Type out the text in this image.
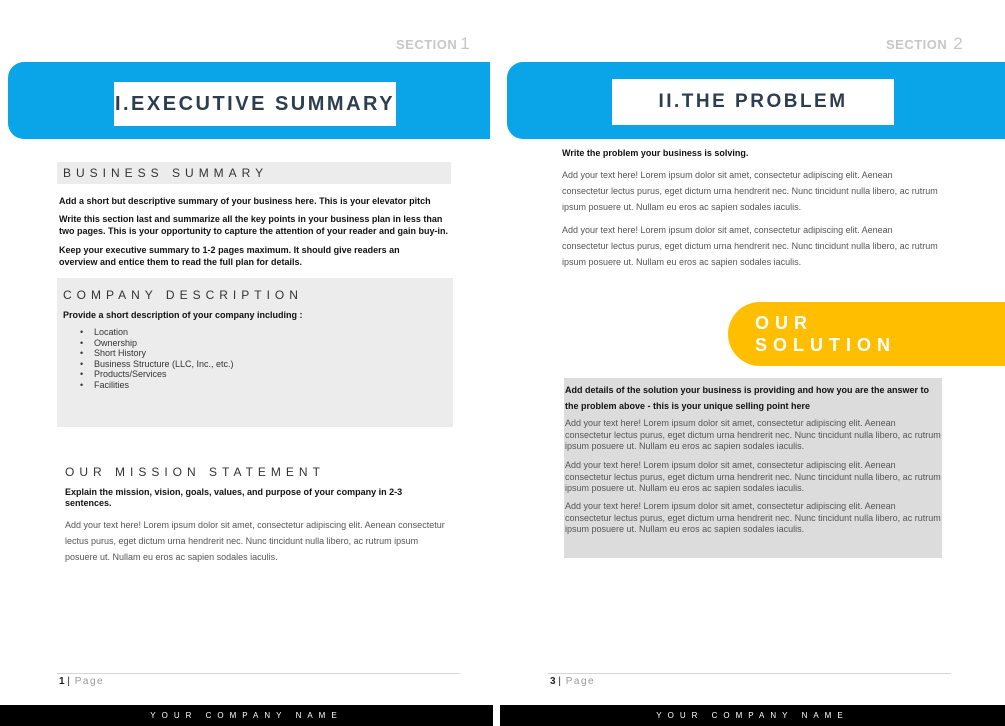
SECTION 1
I.EXECUTIVE SUMMARY
BUSINESS SUMMARY
Add a short but descriptive summary of your business here. This is your elevator pitch
Write this section last and summarize all the key points in your business plan in less than two pages. This is your opportunity to capture the attention of your reader and gain buy-in.
Keep your executive summary to 1-2 pages maximum. It should give readers an overview and entice them to read the full plan for details.
COMPANY DESCRIPTION
Provide a short description of your company including :
• Location
• Ownership
• Short History
• Business Structure (LLC, Inc., etc.)
• Products/Services
• Facilities
OUR MISSION STATEMENT
Explain the mission, vision, goals, values, and purpose of your company in 2-3 sentences.
Add your text here! Lorem ipsum dolor sit amet, consectetur adipiscing elit. Aenean consectetur lectus purus, eget dictum urna hendrerit nec. Nunc tincidunt nulla libero, ac rutrum ipsum posuere ut. Nullam eu eros ac sapien sodales iaculis.
1 | Page
YOUR COMPANY NAME
SECTION 2
II.THE PROBLEM
Write the problem your business is solving.
Add your text here! Lorem ipsum dolor sit amet, consectetur adipiscing elit. Aenean consectetur lectus purus, eget dictum urna hendrerit nec. Nunc tincidunt nulla libero, ac rutrum ipsum posuere ut. Nullam eu eros ac sapien sodales iaculis.
Add your text here! Lorem ipsum dolor sit amet, consectetur adipiscing elit. Aenean consectetur lectus purus, eget dictum urna hendrerit nec. Nunc tincidunt nulla libero, ac rutrum ipsum posuere ut. Nullam eu eros ac sapien sodales iaculis.
OUR
SOLUTION
Add details of the solution your business is providing and how you are the answer to the problem above - this is your unique selling point here
Add your text here! Lorem ipsum dolor sit amet, consectetur adipiscing elit. Aenean consectetur lectus purus, eget dictum urna hendrerit nec. Nunc tincidunt nulla libero, ac rutrum ipsum posuere ut. Nullam eu eros ac sapien sodales iaculis.
Add your text here! Lorem ipsum dolor sit amet, consectetur adipiscing elit. Aenean consectetur lectus purus, eget dictum urna hendrerit nec. Nunc tincidunt nulla libero, ac rutrum ipsum posuere ut. Nullam eu eros ac sapien sodales iaculis.
Add your text here! Lorem ipsum dolor sit amet, consectetur adipiscing elit. Aenean consectetur lectus purus, eget dictum urna hendrerit nec. Nunc tincidunt nulla libero, ac rutrum ipsum posuere ut. Nullam eu eros ac sapien sodales iaculis.
3 | Page
YOUR COMPANY NAME
